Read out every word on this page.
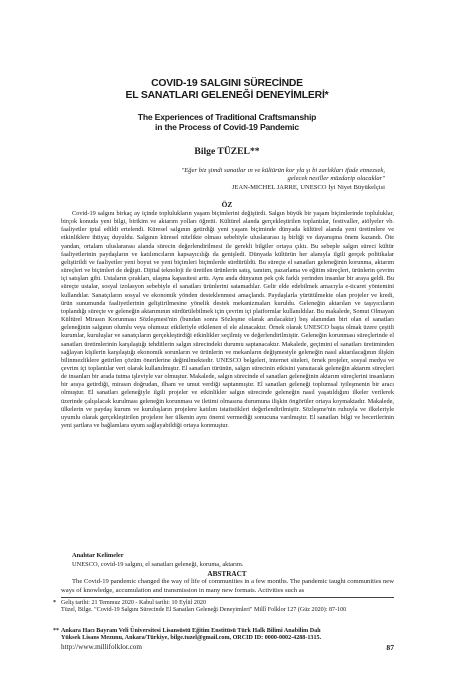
COVID-19 SALGINI SÜRECİNDE
EL SANATLARI GELENEĞİ DENEYİMLERİ*
The Experiences of Traditional Craftsmanship
in the Process of Covid-19 Pandemic
Bilge TÜZEL**
"Eğer biz şimdi sanatlar ın ve kültürün kor yla şı bi zarlıkları ifade etmezsek,
gelecek nesiller müzdarip olacaklar"
JEAN-MICHEL JARRE, UNESCO İyi Niyet Büyükelçisi
ÖZ

Covid-19 salgını birkaç ay içinde toplulukların yaşam biçimlerini değiştirdi. Salgın büyük bir yaşam biçimlerinde topluluklar, birçok konuda yeni bilgi, birikim ve aktarım yolları öğretti. Kültürel alanda gerçekleştirilen toplantılar, festivaller, atölyeler vb. faaliyetler iptal edildi ertelendi. Küresel salgının getirdiği yeni yaşam biçiminde dünyada kültürel alanda yeni üretimlere ve etkinliklere ihtiyaç duyuldu. Salgının küresel nitelikte olması sebebiyle uluslararası iş birliği ve dayanışma önem kazandı. Öte yandan, ortalam uluslararası alanda sürecin değerlendirilmesi ile gerekli bilgiler ortaya çıktı. Bu sebeple salgın süreci kültür faaliyetlerinin paydaşların ve katılımcıların kapsayıcılığı da genişledi. Dünyada kültürün her alanıyla ilgili gerçek politikalar geliştirildi ve faaliyetler yeni boyut ve yeni biçimleri biçimlerde sürdürüldü. Bu süreçte el sanatları geleneğinin korunma, aktarım süreçleri ve biçimleri de değişti. Dijital teknoloji ile üretilen ürünlerin satış, tanıtım, pazarlama ve eğitim süreçleri, ürünlerin çevrim içi satışları gibi. Ustaların çırakları, ulaşma kapasitesi arttı. Aynı anda dünyanın pek çok farklı yerinden insanlar bir araya geldi. Bu süreçte ustalar, sosyal izolasyon sebebiyle el sanatları ürünlerini satamadılar. Gelir elde edebilmek amacıyla e-ticaret yöntemini kullandılar. Sanatçıların sosyal ve ekonomik yönden desteklenmesi amaçlandı. Paydaşlarla yürütülmekte olan projeler ve kredi, ürün sunumunda faaliyetlerinin geliştirilmesine yönelik destek mekanizmaları kuruldu. Geleneğin aktarılan ve taşıyıcıların toplandığı süreçte ve geleneğin aktarımının sürdürülebilmek için çevrim içi platformlar kullanıldılar. Bu makalede, Somut Olmayan Kültürel Mirasın Korunması Sözleşmesi'nin (bundan sonra Sözleşme olarak anılacaktır) beş alanından biri olan el sanatları geleneğinin salgının olumlu veya olumsuz etkileriyle etkilenen el ele alınacaktır. Örnek olarak UNESCO başta olmak üzere çeşitli kurumlar, kuruluşlar ve sanatçıların gerçekleştirdiği etkinlikler seçilmiş ve değerlendirilmiştir. Geleneğin korunması süreçlerinde el sanatları üretimlerinin karşılaştığı tehditlerin salgın sürecindeki durumu saptanacaktır. Makalede, geçimini el sanatları üretiminden sağlayan kişilerin karşılaştığı ekonomik sorunların ve ürünlerin ve mekanların değişmesiyle geleneğin nasıl aktarılacağının ilişkin bilinmezliklere getirilen çözüm önerilerine değinilmektedir. UNESCO belgeleri, internet siteleri, örnek projeler, sosyal medya ve çevrim içi toplantılar veri olarak kullanılmıştır. El sanatları türünün, salgın sürecinin etkisini yansıtacak geleneğin aktarım süreçleri de insanları bir arada tutma işleviyle var olmuştur. Makalede, salgın sürecinde el sanatları geleneğinin aktarım süreçlerini insanların bir araya getirdiği, mirasın doğrudan, ilham ve umut verdiği saptanmıştır. El sanatları geleneği toplumsal iyileşmenin bir aracı olmuştur. El sanatları geleneğiyle ilgili projeler ve etkinlikler salgın sürecinde geleneğin nasıl yaşatıldığını ilkeler verilerek üzerinde çalışılacak kurulması geleneğin korunması ve iletimi olmasına durumuna ilişkin öngörüler ortaya koymaktadır. Makalede, ülkelerin ve paydaş kurum ve kuruluşların projelere katılım istatistikleri değerlendirilmiştir. Sözleşme'nin ruhuyla ve ilkeleriyle uyumlu olarak gerçekleştirilen projelere her ülkenin aynı önemi vermediği sonucuna varılmıştır. El sanatları bilgi ve becerilerinin yeni şartlara ve bağlamlara uyum sağlayabildiği ortaya konmuştur.

Anahtar Kelimeler
UNESCO, covid-19 salgını, el sanatları geleneği, koruma, aktarım.
ABSTRACT

The Covid-19 pandemic changed the way of life of communities in a few months. The pandemic taught communities new ways of knowledge, accumulation and transmission in many new formats. Activities such as

* Geliş tarihi: 21 Temmuz 2020 - Kabul tarihi: 10 Eylül 2020
Tüzel, Bilge. "Covid-19 Salgını Sürecinde El Sanatları Geleneği Deneyimleri" Millî Folklor 127 (Güz 2020): 87-100
** Ankara Hacı Bayram Veli Üniversitesi Lisansüstü Eğitim Enstitüsü Türk Halk Bilimi Anabilim Dalı
Yüksek Lisans Mezunu, Ankara/Türkiye, bilge.tuzel@gmail.com, ORCID ID: 0000-0002-4288-1315.
http://www.millifolklor.com	87
